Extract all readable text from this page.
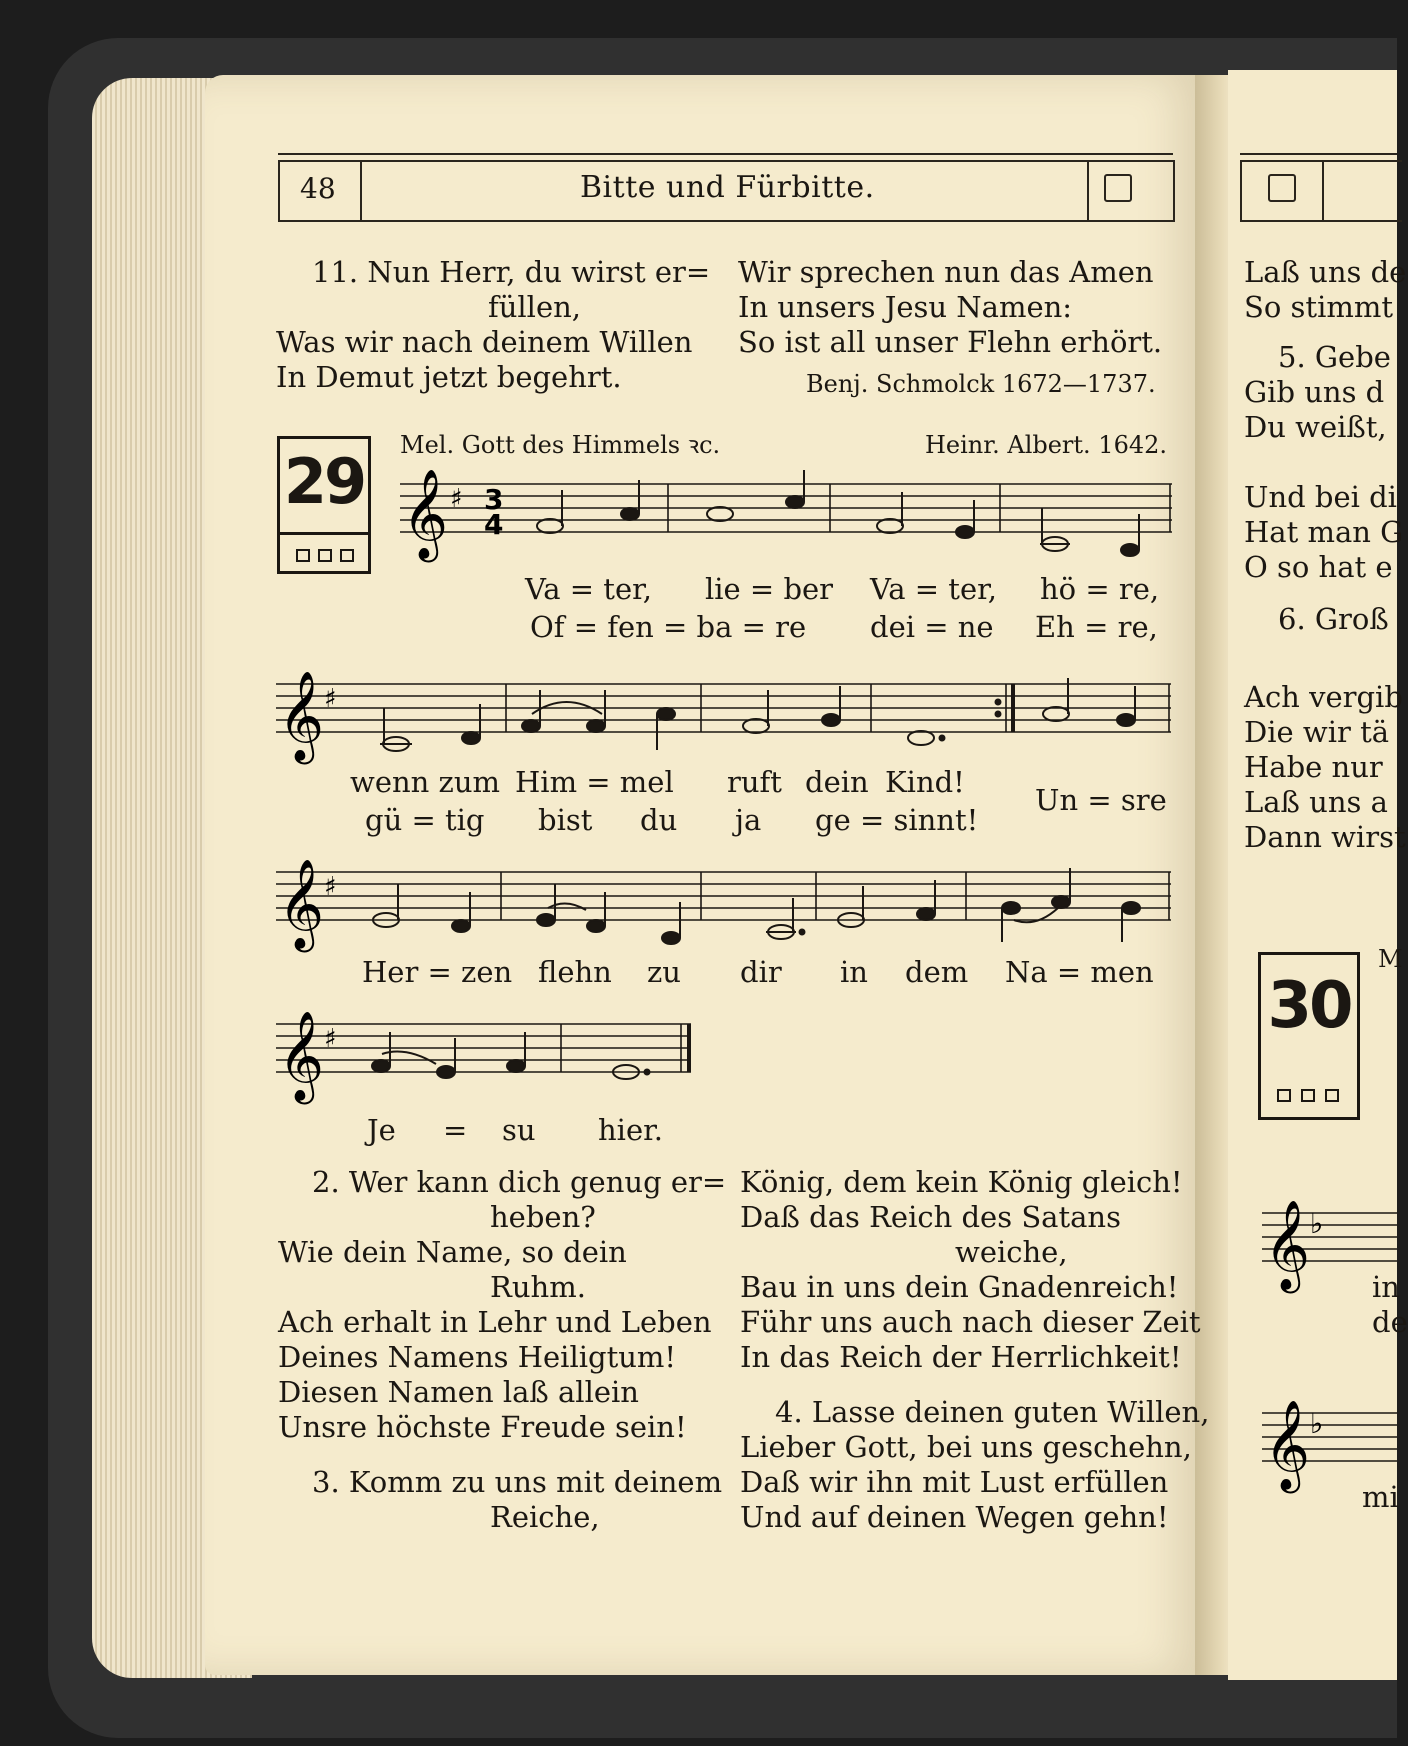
48	Bitte und Fürbitte.
11. Nun Herr, du wirst er=
füllen,
Was wir nach deinem Willen
In Demut jetzt begehrt.
Wir sprechen nun das Amen
In unsers Jesu Namen:
So ist all unser Flehn erhört.
Benj. Schmolck 1672—1737.
29 Mel. Gott des Himmels ꝛc.	Heinr. Albert. 1642.
𝄞 ♯ 3
4
Va = ter, lie = ber Va = ter, hö = re,
Of = fen = ba = re dei = ne Eh = re,
𝄞 ♯
wenn zum Him = mel ruft dein Kind!
Un = sre
gü = tig bist du ja ge = sinnt!
𝄞 ♯
Her = zen flehn zu dir in dem Na = men
𝄞 ♯
Je = su hier.
2. Wer kann dich genug er=
heben?
Wie dein Name, so dein
Ruhm.
Ach erhalt in Lehr und Leben
Deines Namens Heiligtum!
Diesen Namen laß allein
Unsre höchste Freude sein!
3. Komm zu uns mit deinem
Reiche,
König, dem kein König gleich!
Daß das Reich des Satans
weiche,
Bau in uns dein Gnadenreich!
Führ uns auch nach dieser Zeit
In das Reich der Herrlichkeit!
4. Lasse deinen guten Willen,
Lieber Gott, bei uns geschehn,
Daß wir ihn mit Lust erfüllen
Und auf deinen Wegen gehn!
Laß uns de
So stimmt
5. Gebe
Gib uns d
Du weißt,
Und bei di
Hat man G
O so hat e
6. Groß
Ach vergib
Die wir tä
Habe nur
Laß uns a
Dann wirst
M
in
de
mi
30
𝄞 ♭
𝄞 ♭
